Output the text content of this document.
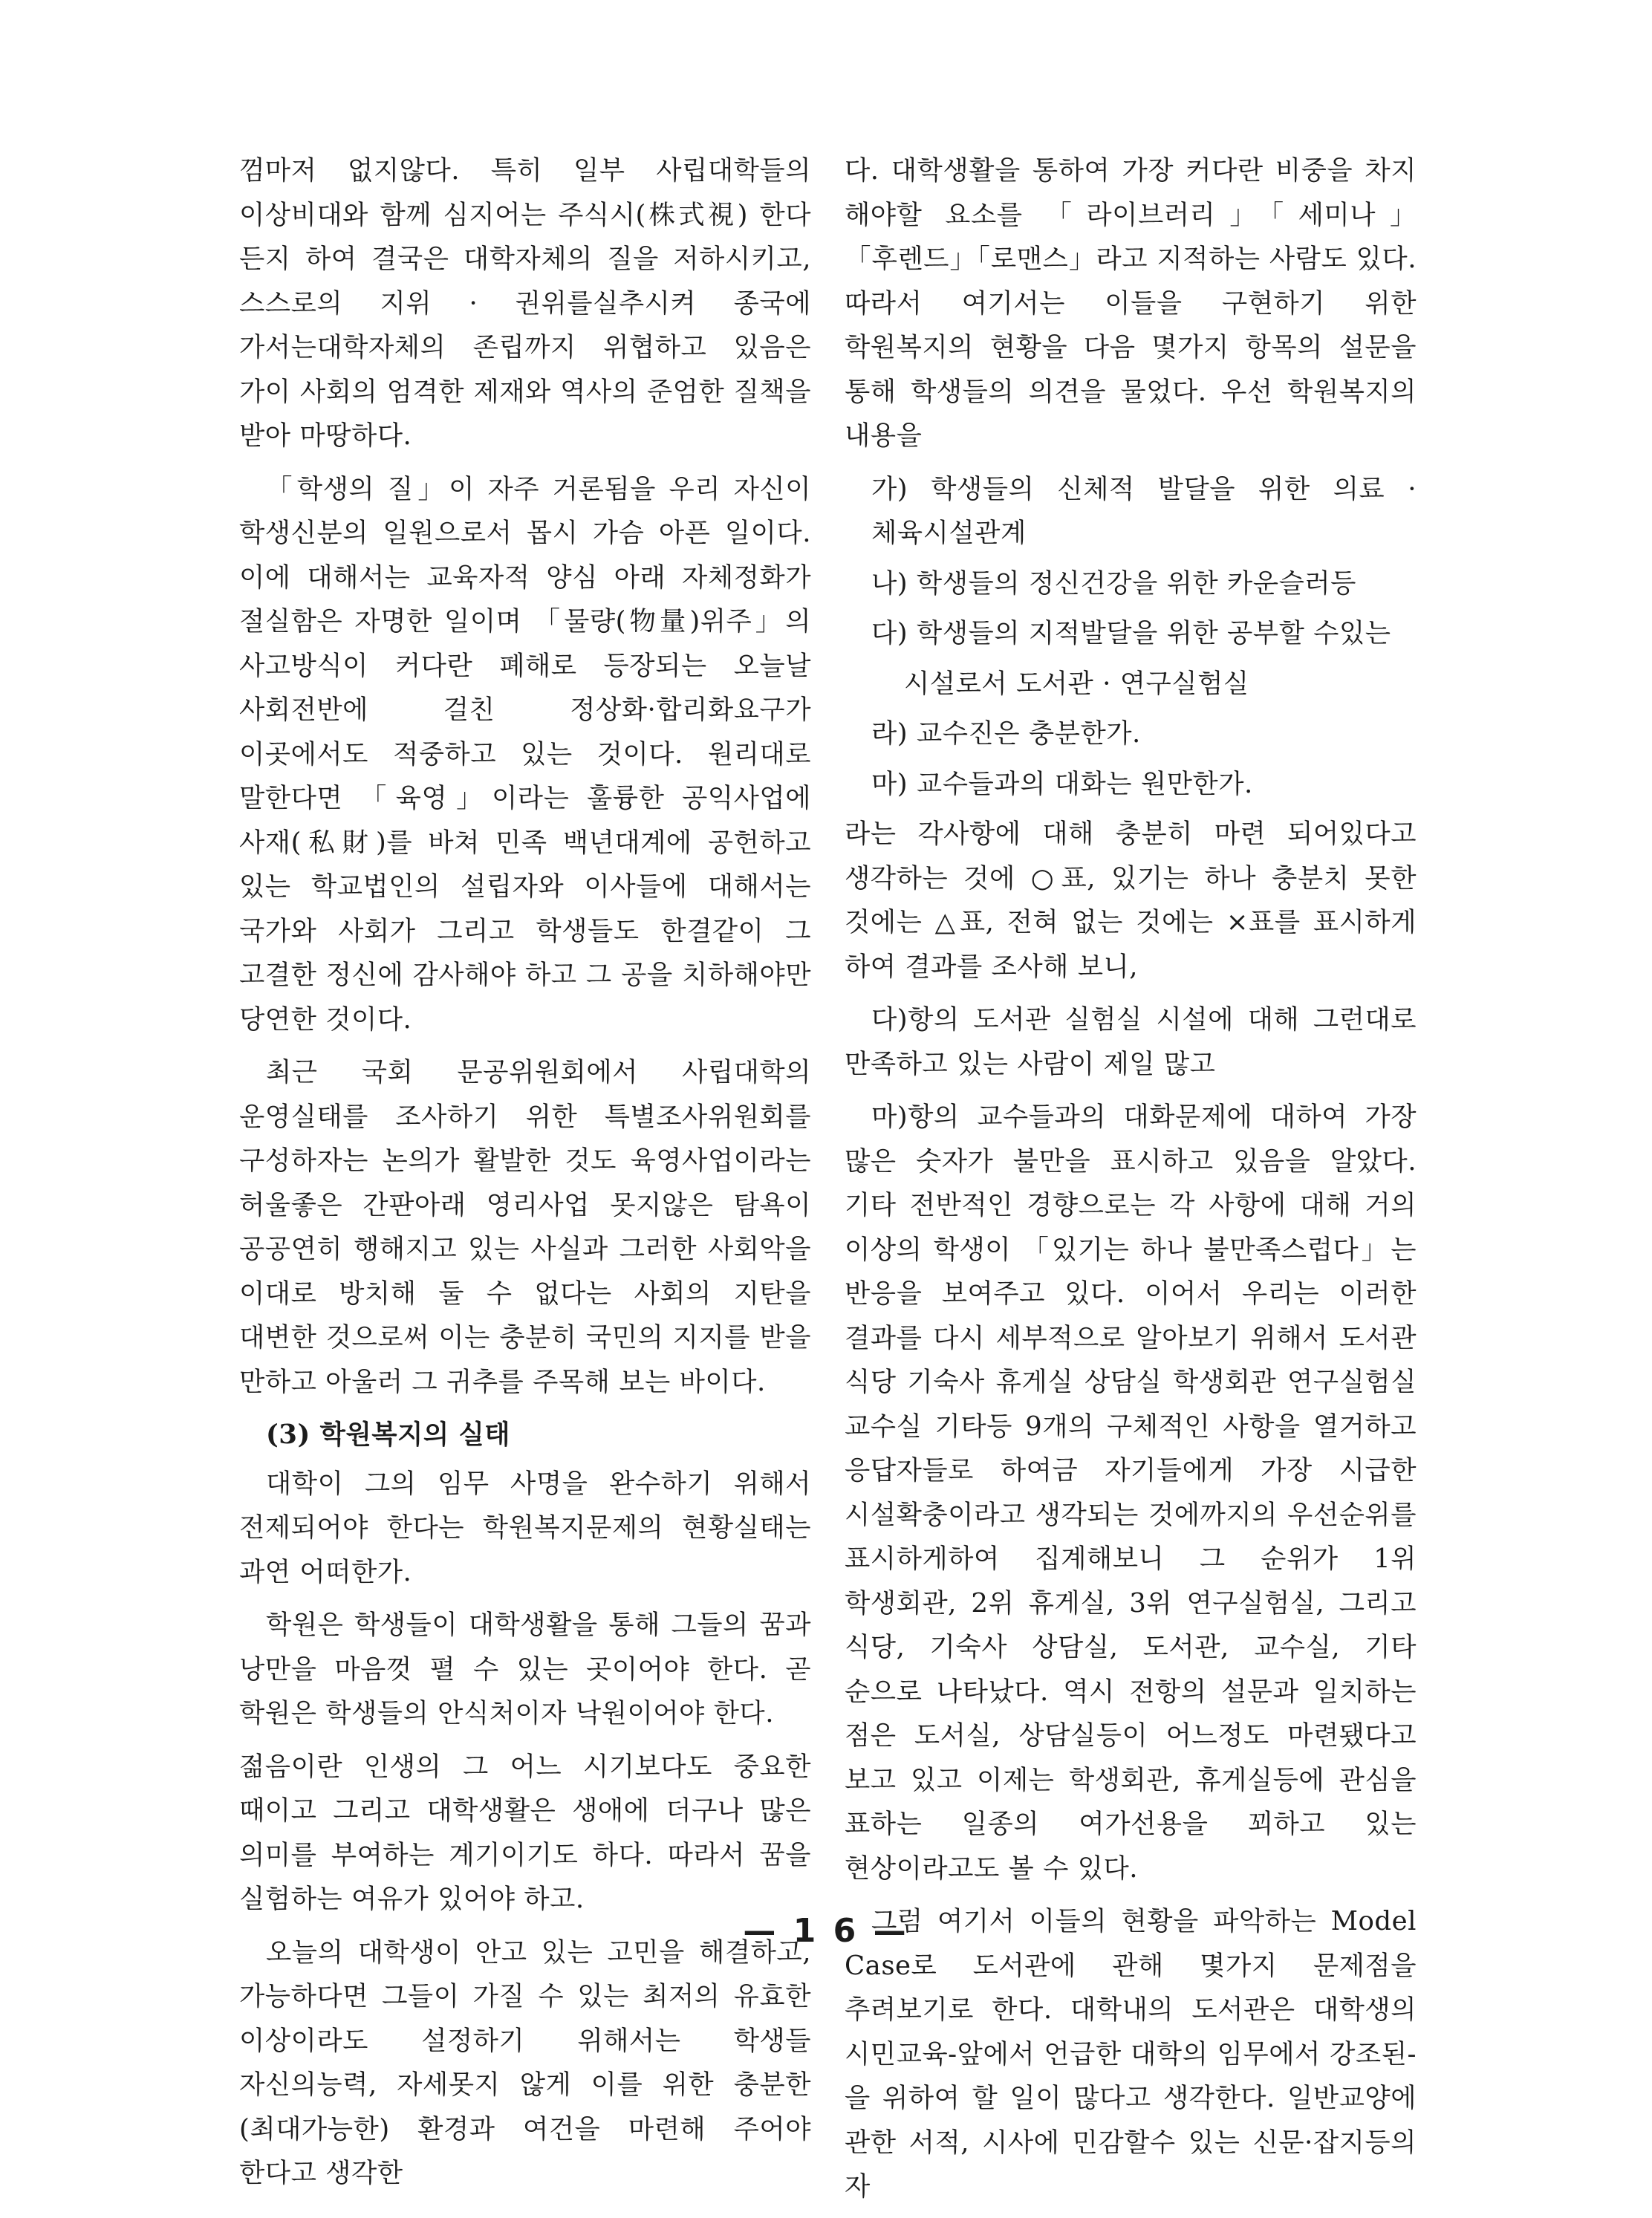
껌마저 없지않다. 특히 일부 사립대학들의 이상비대와 함께 심지어는 주식시(株式視) 한다 든지 하여 결국은 대학자체의 질을 저하시키고, 스스로의 지위 · 권위를실추시켜 종국에 가서는대학자체의 존립까지 위협하고 있음은 가이 사회의 엄격한 제재와 역사의 준엄한 질책을 받아 마땅하다.

「학생의 질」이 자주 거론됨을 우리 자신이 학생신분의 일원으로서 몹시 가슴 아픈 일이다. 이에 대해서는 교육자적 양심 아래 자체정화가 절실함은 자명한 일이며 「물량(物量)위주」의 사고방식이 커다란 폐해로 등장되는 오늘날 사회전반에 걸친 정상화·합리화요구가 이곳에서도 적중하고 있는 것이다. 원리대로 말한다면 「육영」이라는 훌륭한 공익사업에 사재(私財)를 바쳐 민족 백년대계에 공헌하고 있는 학교법인의 설립자와 이사들에 대해서는 국가와 사회가 그리고 학생들도 한결같이 그 고결한 정신에 감사해야 하고 그 공을 치하해야만 당연한 것이다.

최근 국회 문공위원회에서 사립대학의 운영실태를 조사하기 위한 특별조사위원회를 구성하자는 논의가 활발한 것도 육영사업이라는 허울좋은 간판아래 영리사업 못지않은 탐욕이 공공연히 행해지고 있는 사실과 그러한 사회악을 이대로 방치해 둘 수 없다는 사회의 지탄을 대변한 것으로써 이는 충분히 국민의 지지를 받을 만하고 아울러 그 귀추를 주목해 보는 바이다.

(3) 학원복지의 실태

대학이 그의 임무 사명을 완수하기 위해서 전제되어야 한다는 학원복지문제의 현황실태는 과연 어떠한가.

학원은 학생들이 대학생활을 통해 그들의 꿈과 낭만을 마음껏 펼 수 있는 곳이어야 한다. 곧 학원은 학생들의 안식처이자 낙원이어야 한다.

젊음이란 인생의 그 어느 시기보다도 중요한 때이고 그리고 대학생활은 생애에 더구나 많은 의미를 부여하는 계기이기도 하다. 따라서 꿈을 실험하는 여유가 있어야 하고.

오늘의 대학생이 안고 있는 고민을 해결하고, 가능하다면 그들이 가질 수 있는 최저의 유효한 이상이라도 설정하기 위해서는 학생들 자신의능력, 자세못지 않게 이를 위한 충분한 (최대가능한) 환경과 여건을 마련해 주어야 한다고 생각한

다. 대학생활을 통하여 가장 커다란 비중을 차지 해야할 요소를 「라이브러리」「세미나」「후렌드」「로맨스」라고 지적하는 사람도 있다. 따라서 여기서는 이들을 구현하기 위한 학원복지의 현황을 다음 몇가지 항목의 설문을 통해 학생들의 의견을 물었다. 우선 학원복지의 내용을

가) 학생들의 신체적 발달을 위한 의료 · 체육시설관계

나) 학생들의 정신건강을 위한 카운슬러등

다) 학생들의 지적발달을 위한 공부할 수있는

시설로서 도서관 · 연구실험실

라) 교수진은 충분한가.

마) 교수들과의 대화는 원만한가.

라는 각사항에 대해 충분히 마련 되어있다고 생각하는 것에 ○표, 있기는 하나 충분치 못한 것에는 △표, 전혀 없는 것에는 ×표를 표시하게 하여 결과를 조사해 보니,

다)항의 도서관 실험실 시설에 대해 그런대로 만족하고 있는 사람이 제일 많고

마)항의 교수들과의 대화문제에 대하여 가장 많은 숫자가 불만을 표시하고 있음을 알았다. 기타 전반적인 경향으로는 각 사항에 대해 거의 이상의 학생이 「있기는 하나 불만족스럽다」는 반응을 보여주고 있다. 이어서 우리는 이러한 결과를 다시 세부적으로 알아보기 위해서 도서관 식당 기숙사 휴게실 상담실 학생회관 연구실험실 교수실 기타등 9개의 구체적인 사항을 열거하고 응답자들로 하여금 자기들에게 가장 시급한 시설확충이라고 생각되는 것에까지의 우선순위를 표시하게하여 집계해보니 그 순위가 1위 학생회관, 2위 휴게실, 3위 연구실험실, 그리고 식당, 기숙사 상담실, 도서관, 교수실, 기타 순으로 나타났다. 역시 전항의 설문과 일치하는 점은 도서실, 상담실등이 어느정도 마련됐다고 보고 있고 이제는 학생회관, 휴게실등에 관심을 표하는 일종의 여가선용을 꾀하고 있는 현상이라고도 볼 수 있다.

그럼 여기서 이들의 현황을 파악하는 Model Case로 도서관에 관해 몇가지 문제점을 추려보기로 한다. 대학내의 도서관은 대학생의 시민교육-앞에서 언급한 대학의 임무에서 강조된-을 위하여 할 일이 많다고 생각한다. 일반교양에 관한 서적, 시사에 민감할수 있는 신문·잡지등의 자

— 1 6 —
